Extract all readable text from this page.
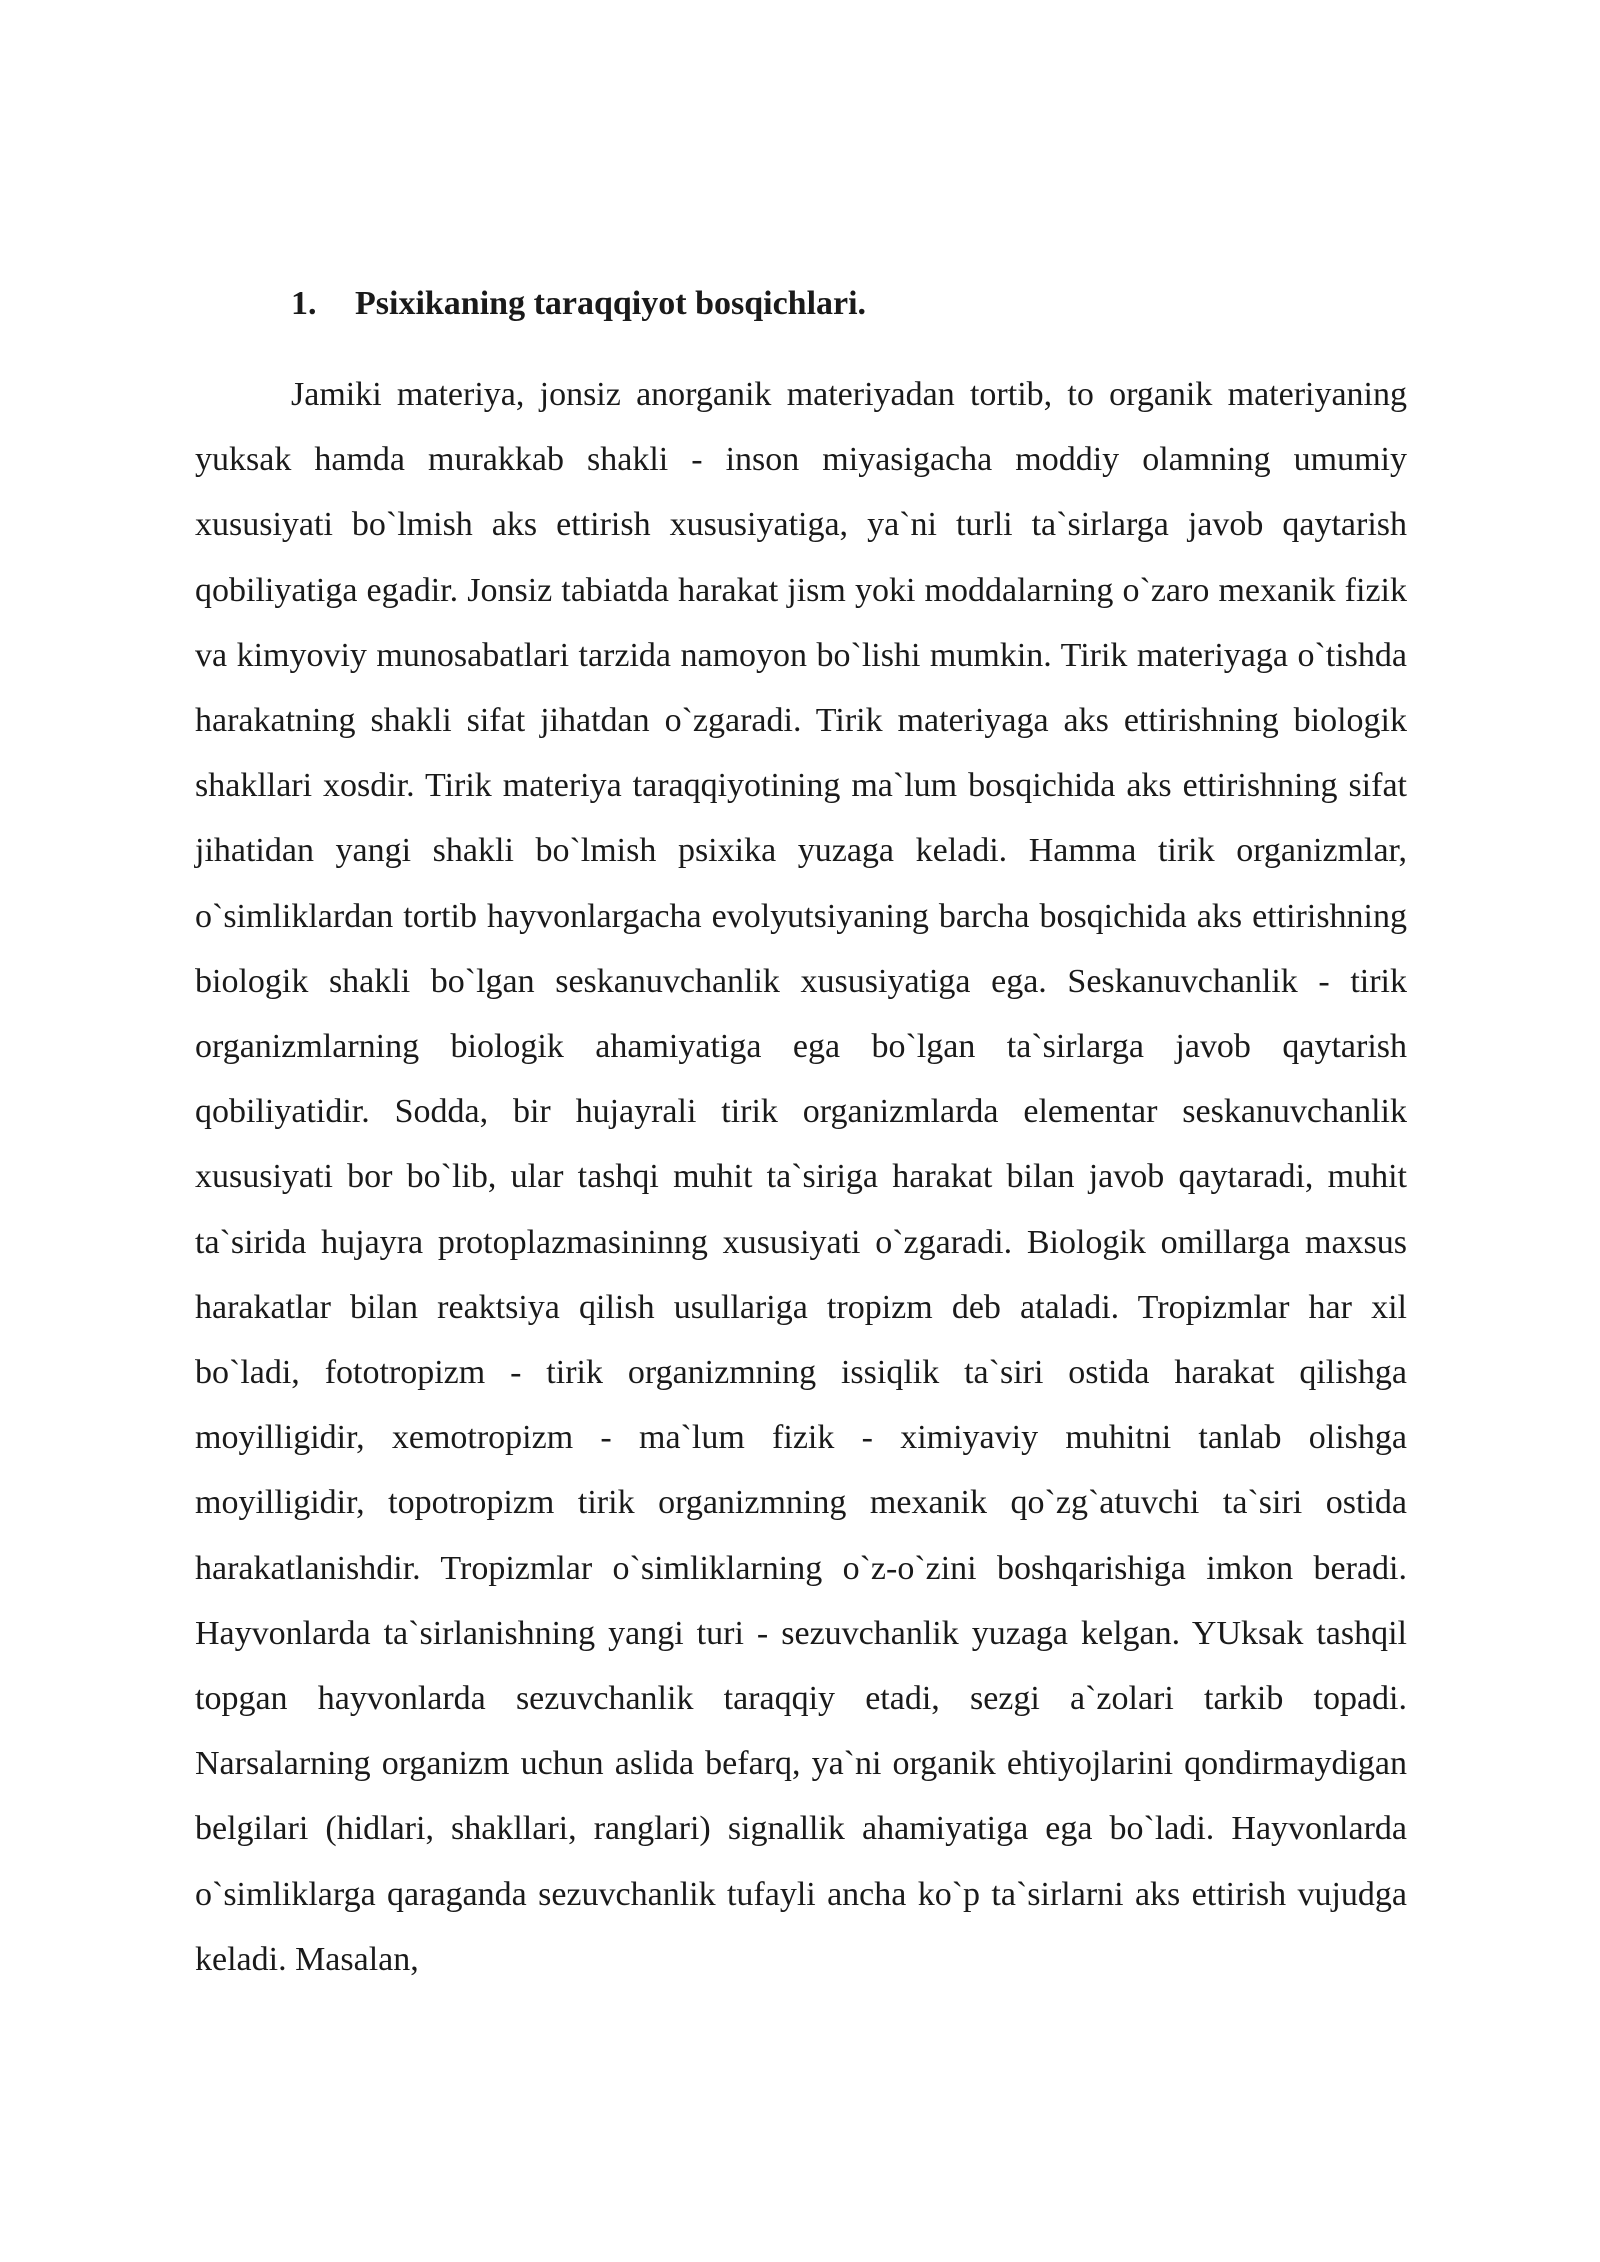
1.	Psixikaning taraqqiyot bosqichlari.

Jamiki materiya, jonsiz anorganik materiyadan tortib, to organik materiyaning yuksak hamda murakkab shakli - inson miyasigacha moddiy olamning umumiy xususiyati bo`lmish aks ettirish xususiyatiga, ya`ni turli ta`sirlarga javob qaytarish qobiliyatiga egadir. Jonsiz tabiatda harakat jism yoki moddalarning o`zaro mexanik fizik va kimyoviy munosabatlari tarzida namoyon bo`lishi mumkin. Tirik materiyaga o`tishda harakatning shakli sifat jihatdan o`zgaradi. Tirik materiyaga aks ettirishning biologik shakllari xosdir. Tirik materiya taraqqiyotining ma`lum bosqichida aks ettirishning sifat jihatidan yangi shakli bo`lmish psixika yuzaga keladi. Hamma tirik organizmlar, o`simliklardan tortib hayvonlargacha evolyutsiyaning barcha bosqichida aks ettirishning biologik shakli bo`lgan seskanuvchanlik xususiyatiga ega. Seskanuvchanlik - tirik organizmlarning biologik ahamiyatiga ega bo`lgan ta`sirlarga javob qaytarish qobiliyatidir. Sodda, bir hujayrali tirik organizmlarda elementar seskanuvchanlik xususiyati bor bo`lib, ular tashqi muhit ta`siriga harakat bilan javob qaytaradi, muhit ta`sirida hujayra protoplazmasininng xususiyati o`zgaradi. Biologik omillarga maxsus harakatlar bilan reaktsiya qilish usullariga tropizm deb ataladi. Tropizmlar har xil bo`ladi, fototropizm - tirik organizmning issiqlik ta`siri ostida harakat qilishga moyilligidir, xemotropizm - ma`lum fizik - ximiyaviy muhitni tanlab olishga moyilligidir, topotropizm tirik organizmning mexanik qo`zg`atuvchi ta`siri ostida harakatlanishdir. Tropizmlar o`simliklarning o`z-o`zini boshqarishiga imkon beradi. Hayvonlarda ta`sirlanishning yangi turi - sezuvchanlik yuzaga kelgan. YUksak tashqil topgan hayvonlarda sezuvchanlik taraqqiy etadi, sezgi a`zolari tarkib topadi. Narsalarning organizm uchun aslida befarq, ya`ni organik ehtiyojlarini qondirmaydigan belgilari (hidlari, shakllari, ranglari) signallik ahamiyatiga ega bo`ladi. Hayvonlarda o`simliklarga qaraganda sezuvchanlik tufayli ancha ko`p ta`sirlarni aks ettirish vujudga keladi. Masalan,
